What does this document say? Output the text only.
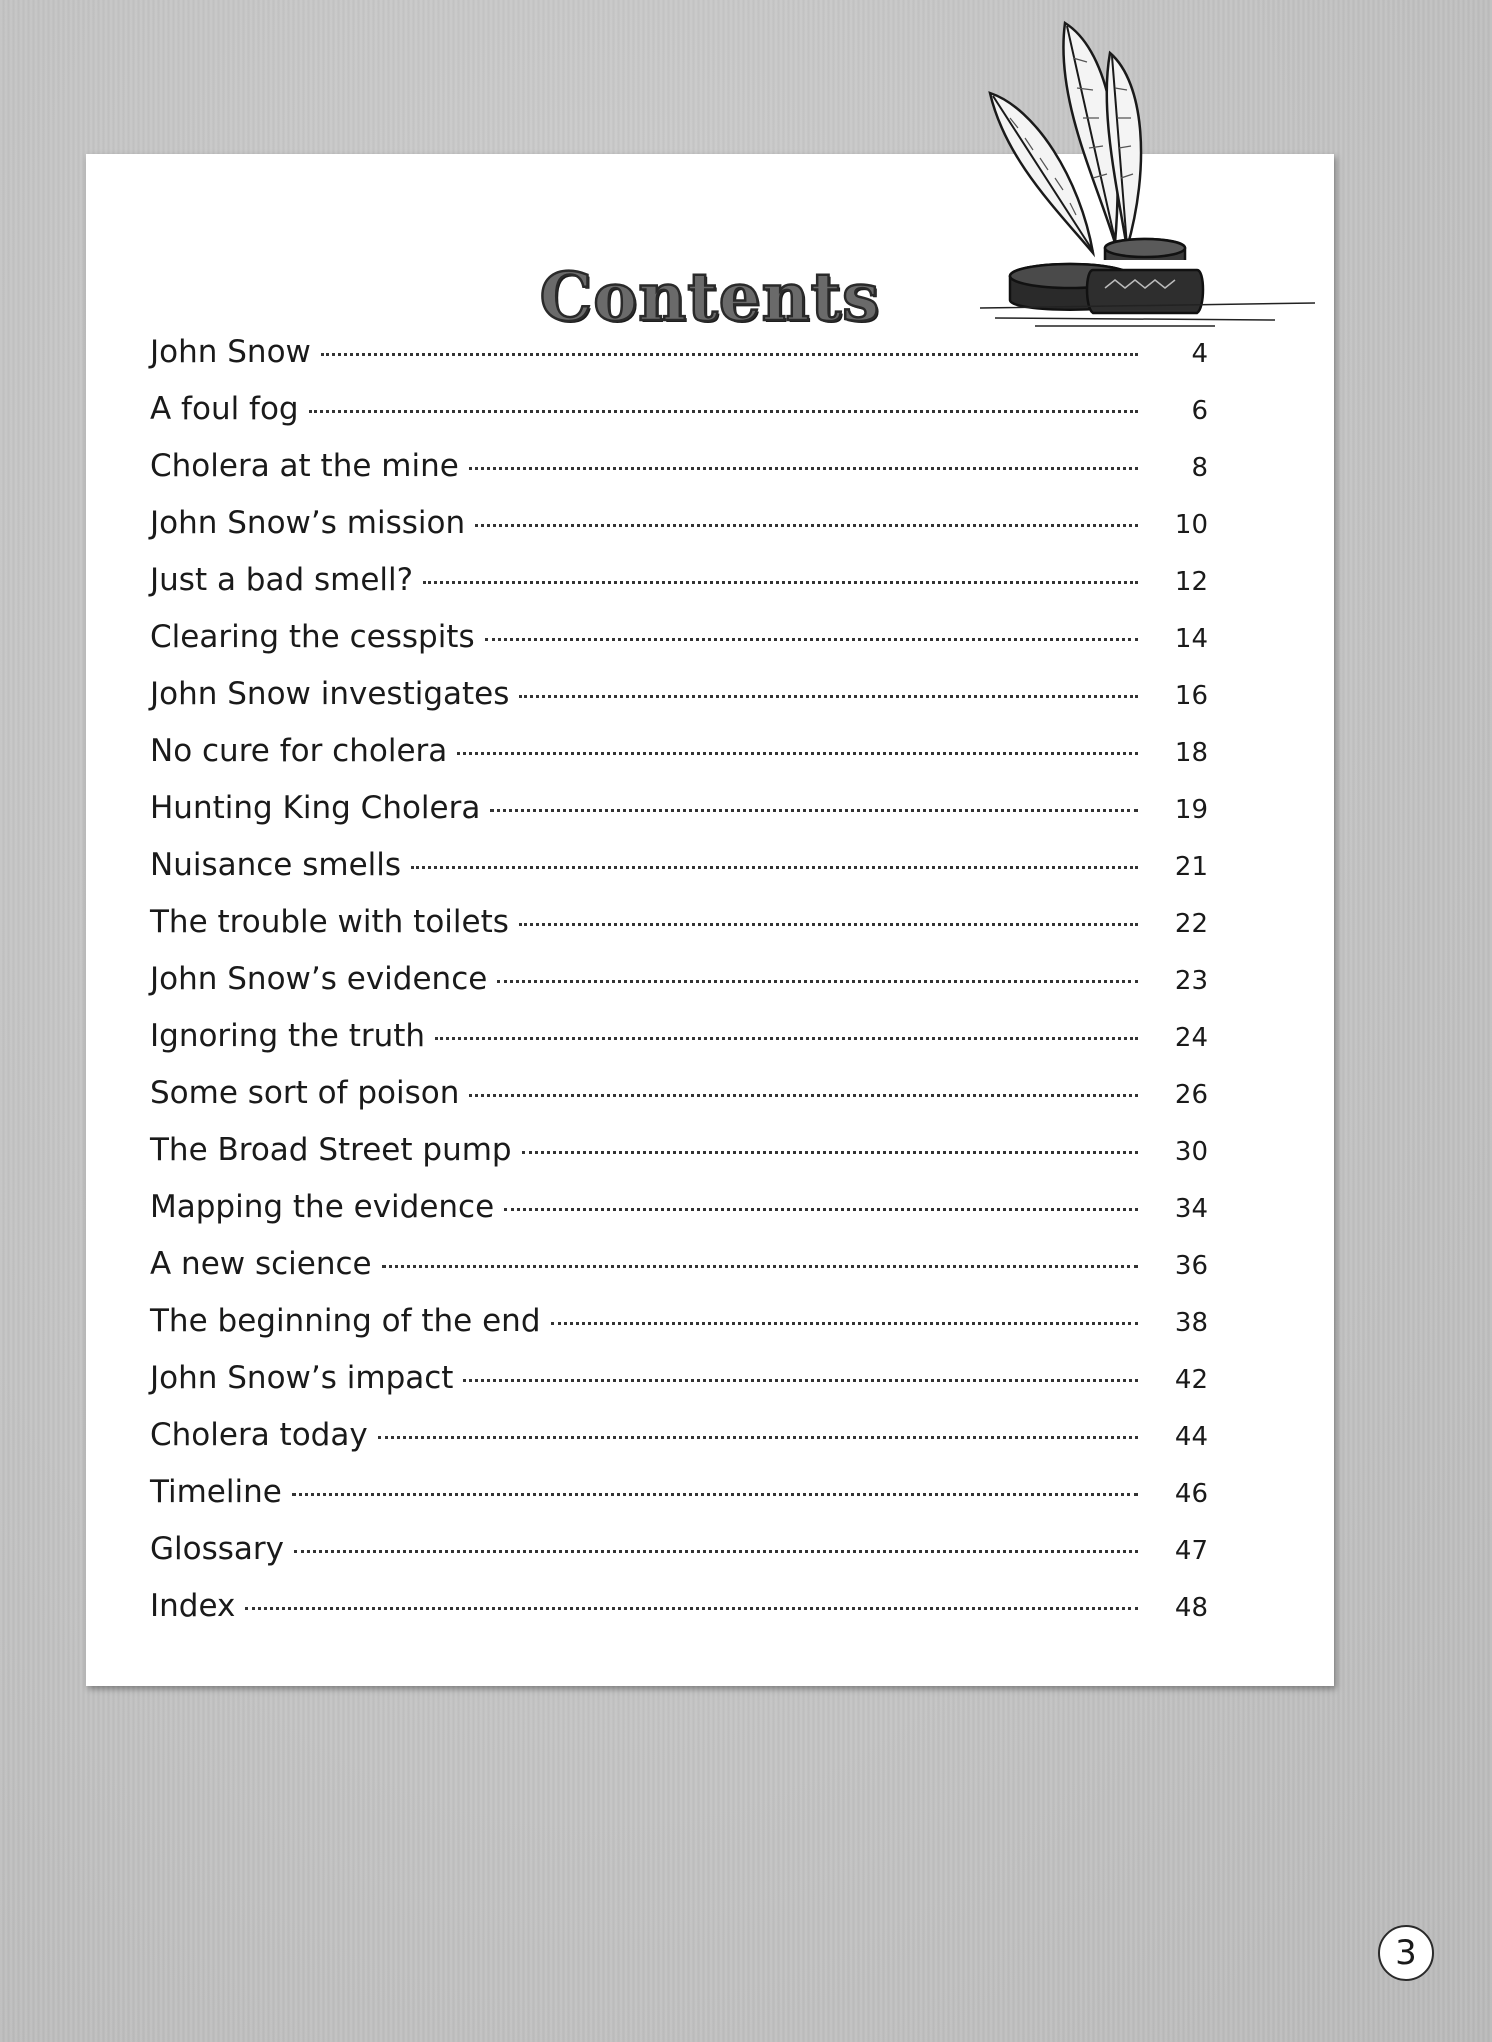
Contents
John Snow	4
A foul fog	6
Cholera at the mine	8
John Snow’s mission	10
Just a bad smell?	12
Clearing the cesspits	14
John Snow investigates	16
No cure for cholera	18
Hunting King Cholera	19
Nuisance smells	21
The trouble with toilets	22
John Snow’s evidence	23
Ignoring the truth	24
Some sort of poison	26
The Broad Street pump	30
Mapping the evidence	34
A new science	36
The beginning of the end	38
John Snow’s impact	42
Cholera today	44
Timeline	46
Glossary	47
Index	48
3
